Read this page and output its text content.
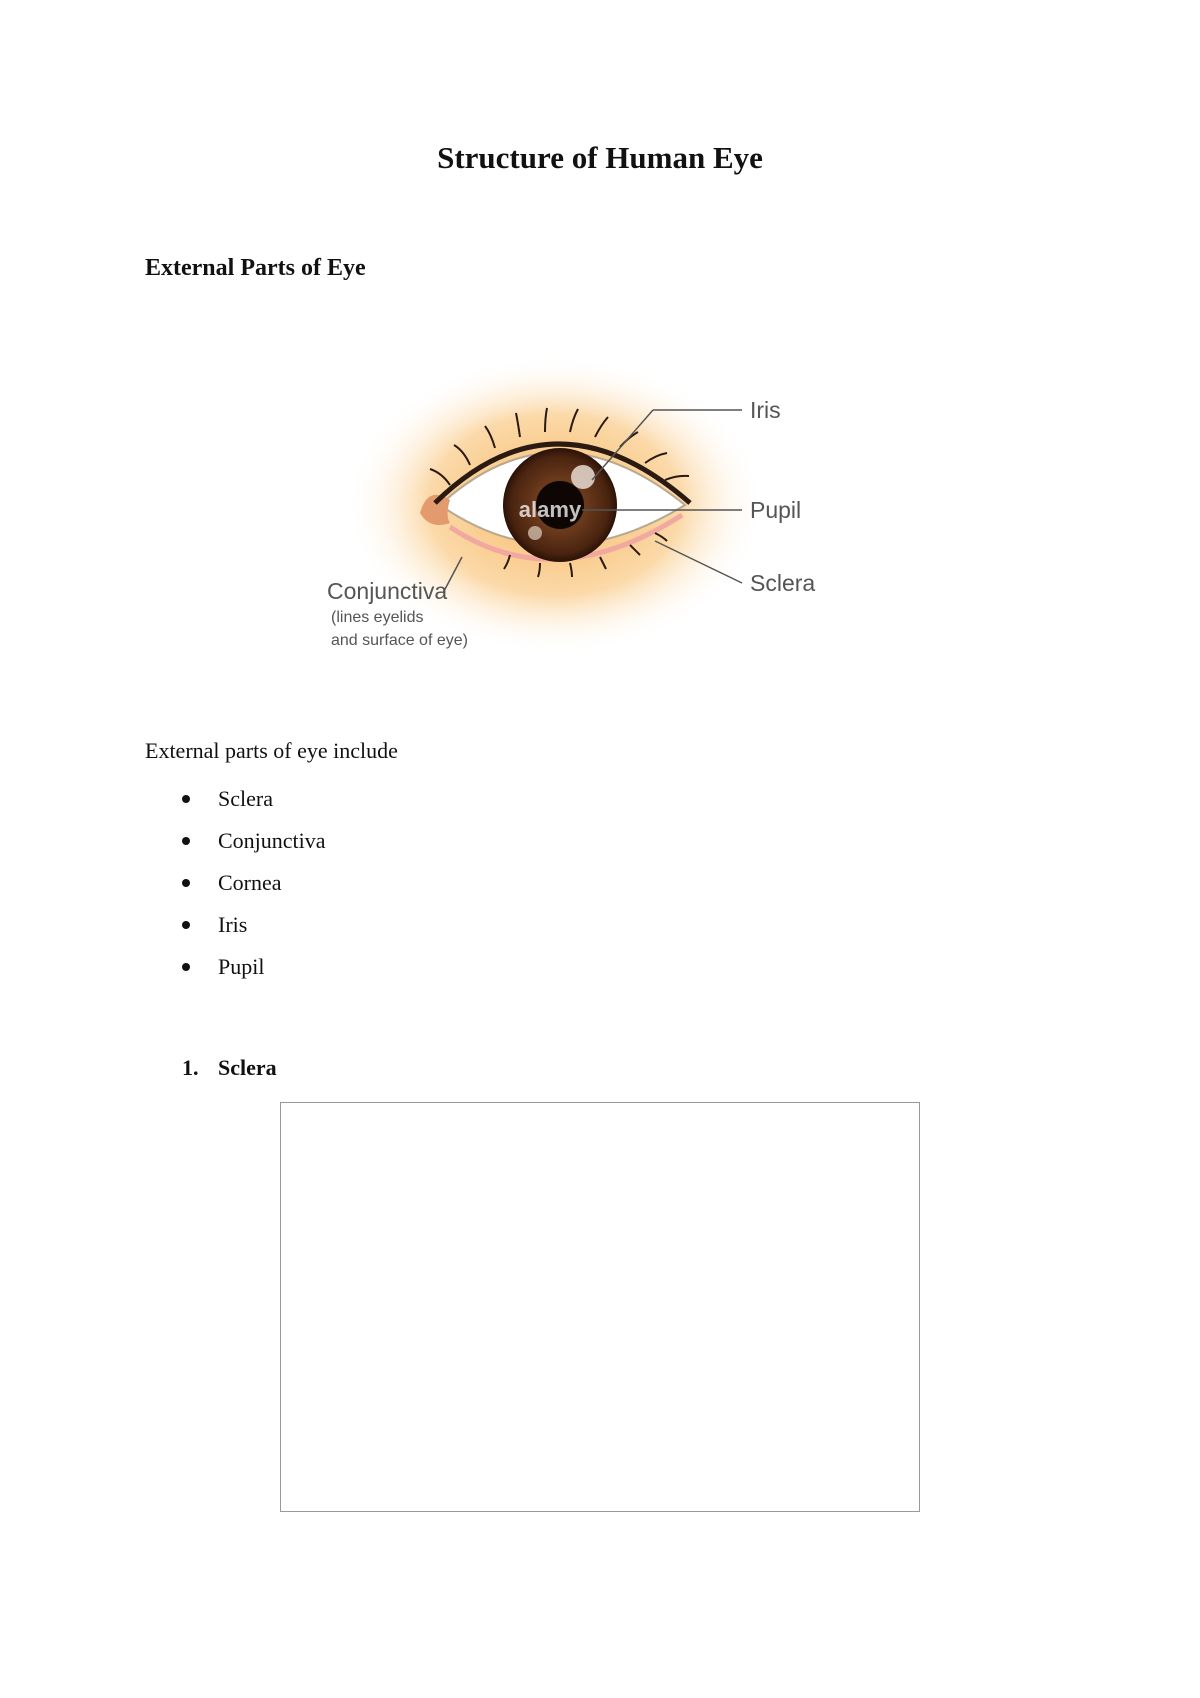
Structure of Human Eye
External Parts of Eye
alamy
Iris
Pupil
Sclera
Conjunctiva
(lines eyelids
and surface of eye)
External parts of eye include
Sclera
Conjunctiva
Cornea
Iris
Pupil
1. Sclera
